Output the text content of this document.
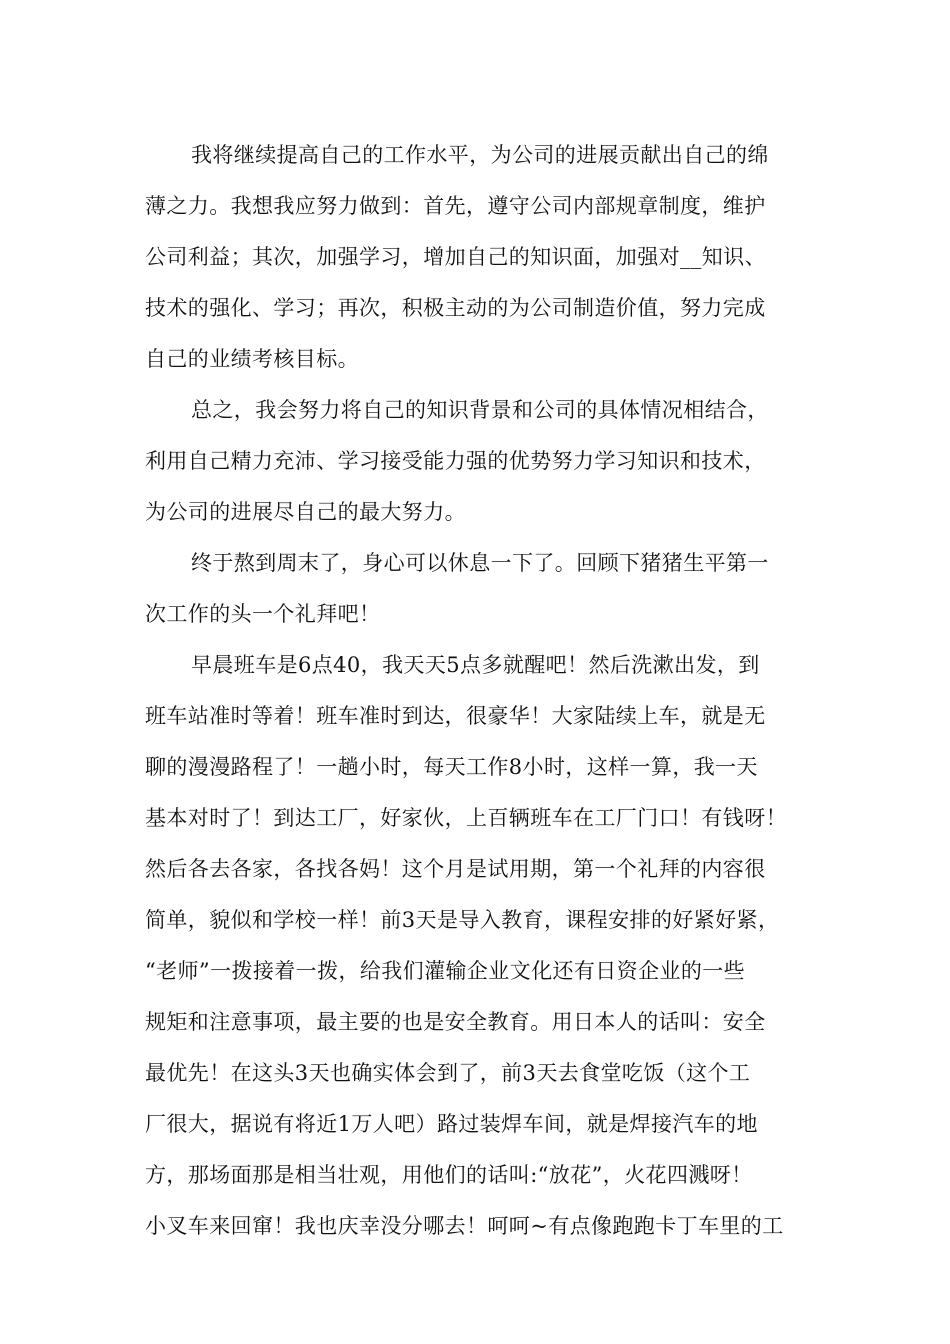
我将继续提高自己的工作水平，为公司的进展贡献出自己的绵
薄之力。我想我应努力做到：首先，遵守公司内部规章制度，维护
公司利益；其次，加强学习，增加自己的知识面，加强对__知识、
技术的强化、学习；再次，积极主动的为公司制造价值，努力完成
自己的业绩考核目标。
总之，我会努力将自己的知识背景和公司的具体情况相结合，
利用自己精力充沛、学习接受能力强的优势努力学习知识和技术，
为公司的进展尽自己的最大努力。
终于熬到周末了，身心可以休息一下了。回顾下猪猪生平第一
次工作的头一个礼拜吧！
早晨班车是6点40，我天天5点多就醒吧！然后洗漱出发，到
班车站准时等着！班车准时到达，很豪华！大家陆续上车，就是无
聊的漫漫路程了！一趟小时，每天工作8小时，这样一算，我一天
基本对时了！到达工厂，好家伙，上百辆班车在工厂门口！有钱呀！
然后各去各家，各找各妈！这个月是试用期，第一个礼拜的内容很
简单，貌似和学校一样！前3天是导入教育，课程安排的好紧好紧，
“老师”一拨接着一拨，给我们灌输企业文化还有日资企业的一些
规矩和注意事项，最主要的也是安全教育。用日本人的话叫：安全
最优先！在这头3天也确实体会到了，前3天去食堂吃饭（这个工
厂很大，据说有将近1万人吧）路过装焊车间，就是焊接汽车的地
方，那场面那是相当壮观，用他们的话叫:“放花”，火花四溅呀！
小叉车来回窜！我也庆幸没分哪去！呵呵~有点像跑跑卡丁车里的工
